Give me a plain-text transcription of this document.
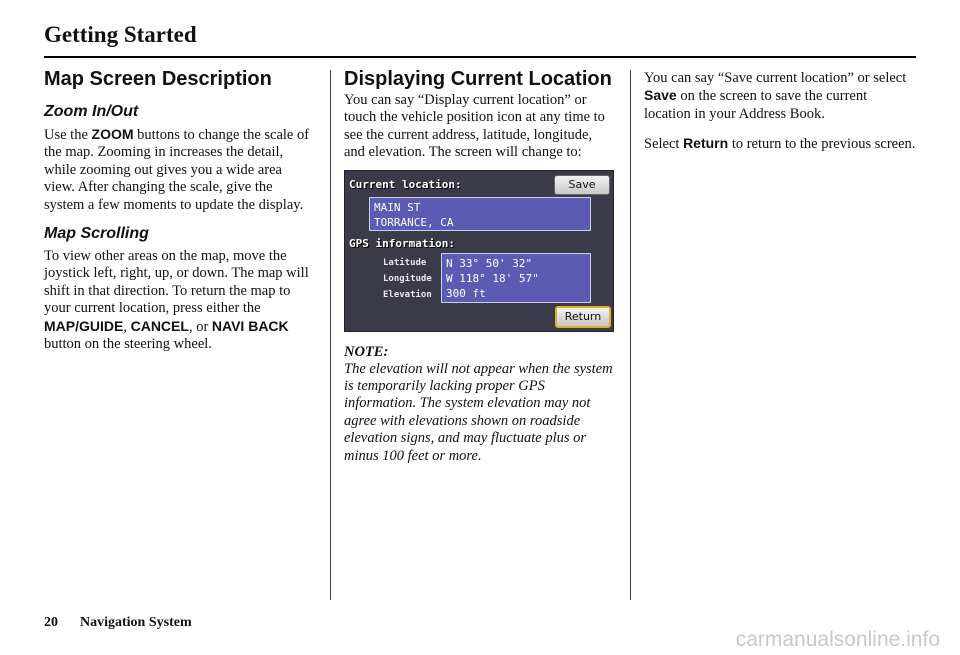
Getting Started
Map Screen Description
Zoom In/Out

Use the ZOOM buttons to change the scale of the map. Zooming in increases the detail, while zooming out gives you a wide area view. After changing the scale, give the system a few moments to update the display.

Map Scrolling

To view other areas on the map, move the joystick left, right, up, or down. The map will shift in that direction. To return the map to your current location, press either the MAP/GUIDE, CANCEL, or NAVI BACK button on the steering wheel.

Displaying Current Location

You can say “Display current location” or touch the vehicle position icon at any time to see the current address, latitude, longitude, and elevation. The screen will change to:

Current location:	Save
MAIN ST
TORRANCE, CA
GPS information:
Latitude
Longitude
Elevation
N 33° 50' 32"
W 118° 18' 57"
300 ft
Return
NOTE:

The elevation will not appear when the system is temporarily lacking proper GPS information. The system elevation may not agree with elevations shown on roadside elevation signs, and may fluctuate plus or minus 100 feet or more.

You can say “Save current location” or select Save on the screen to save the current location in your Address Book.

Select Return to return to the previous screen.

20 Navigation System
carmanualsonline.info
